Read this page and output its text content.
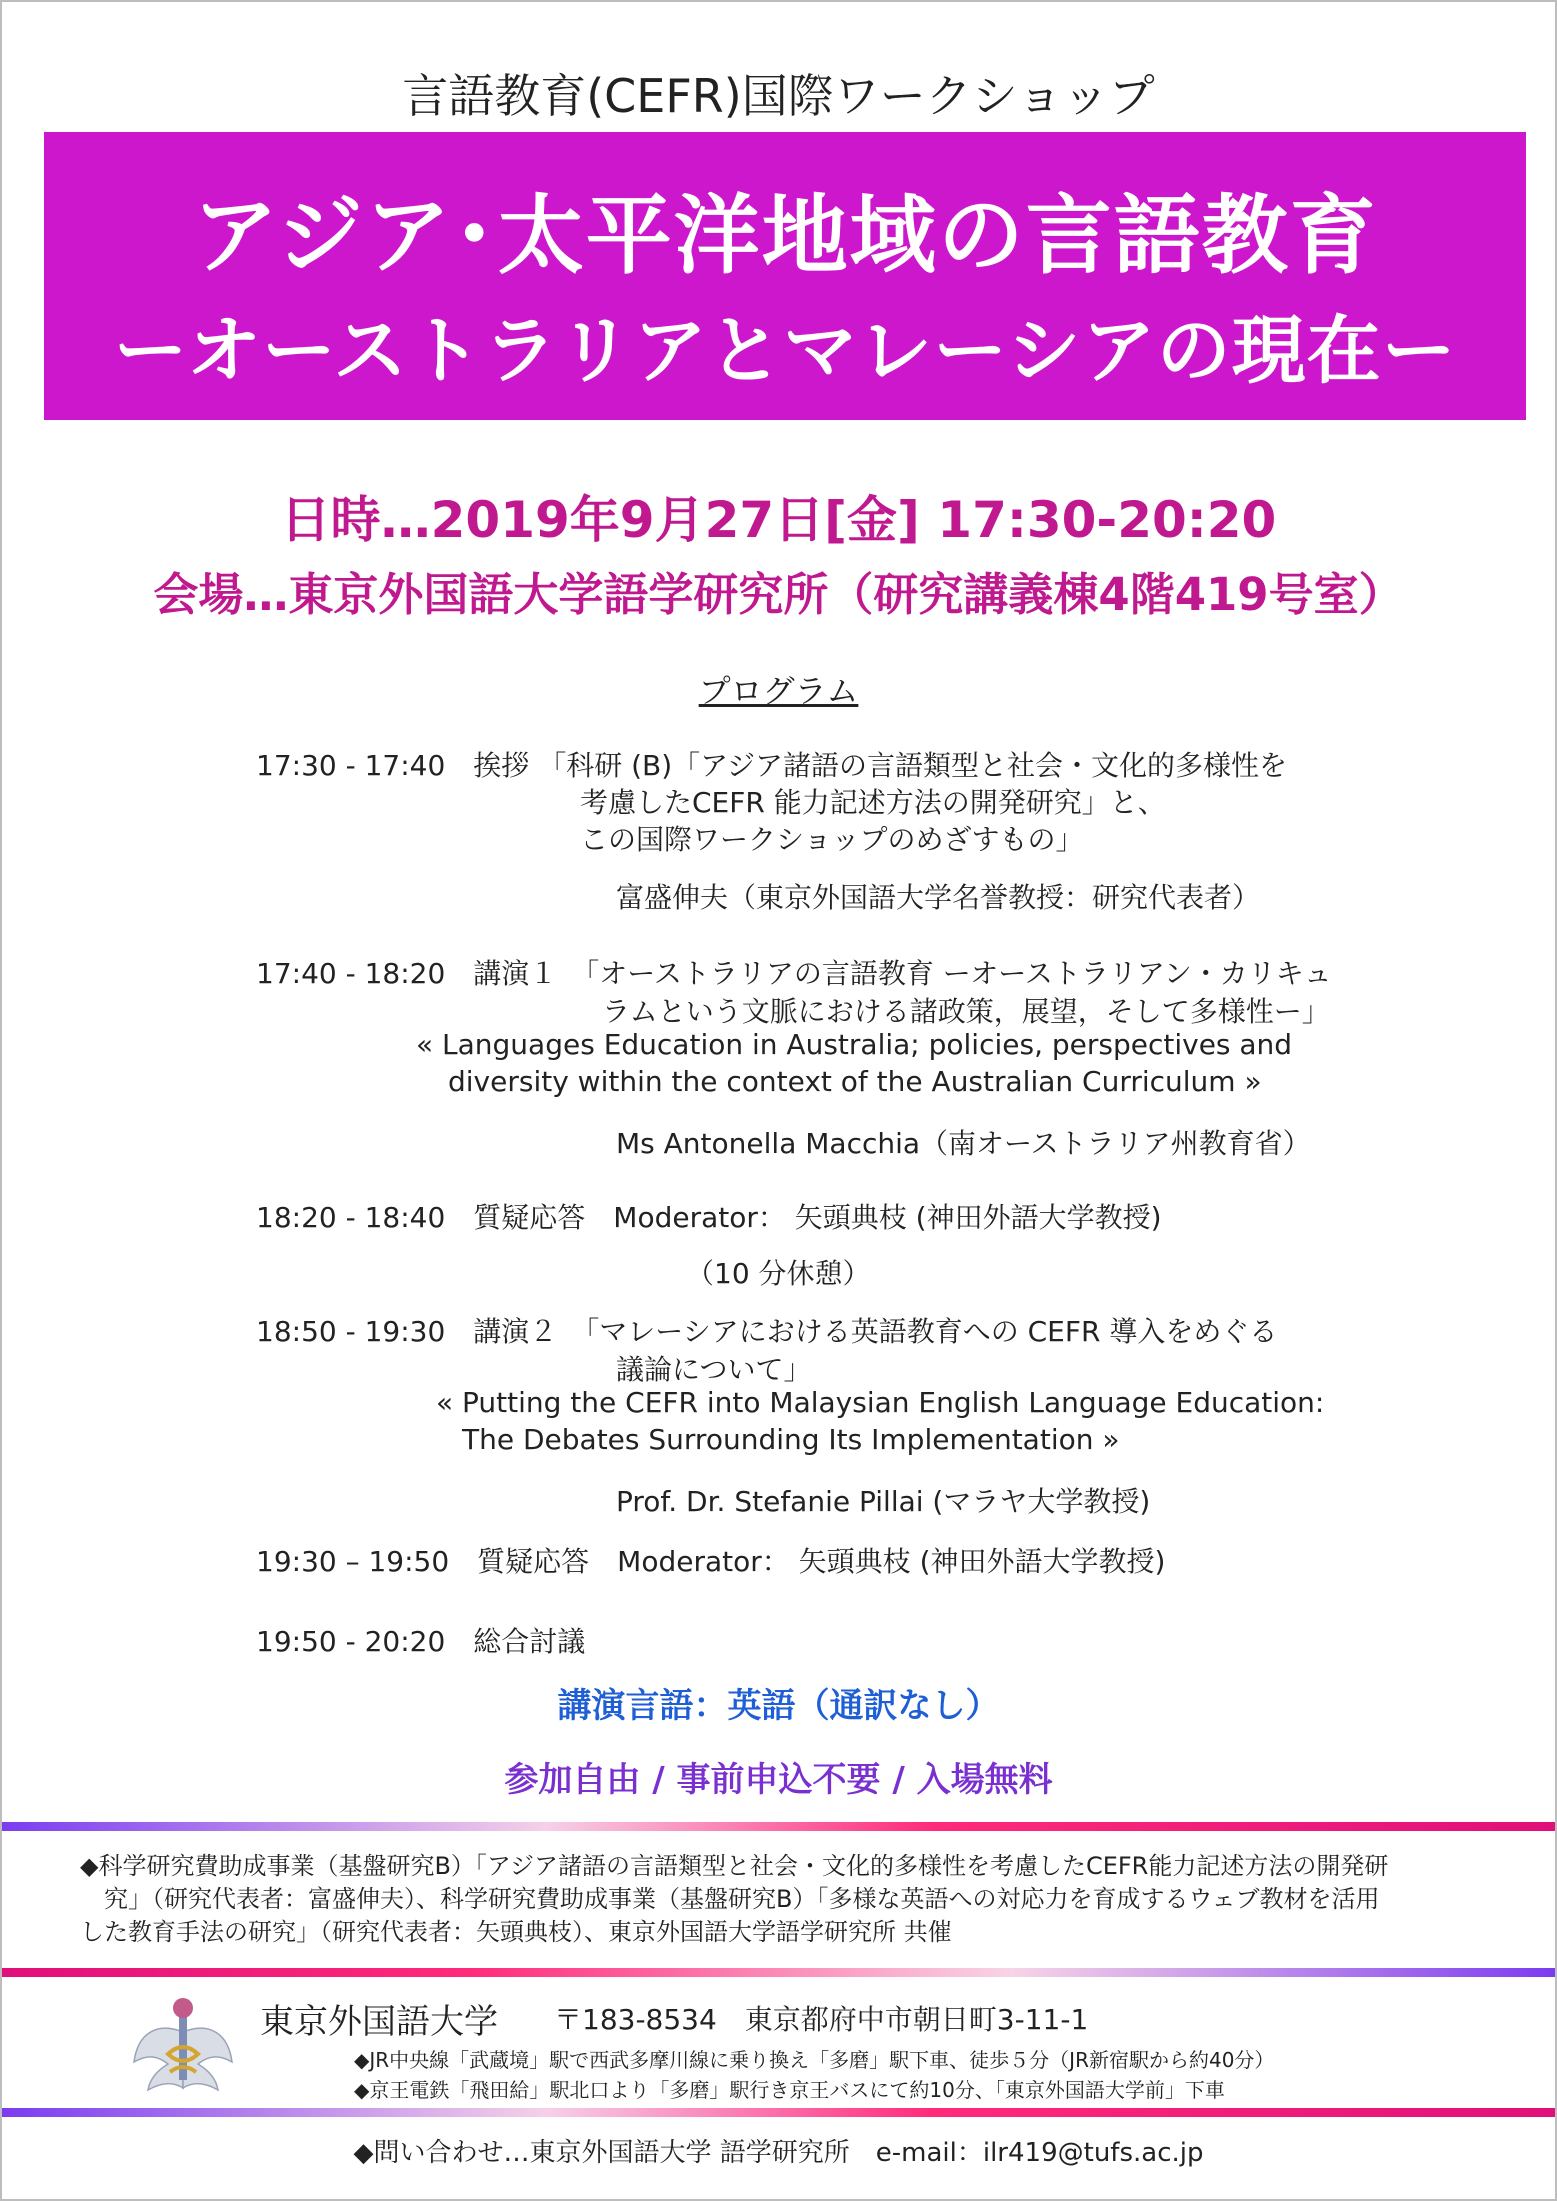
言語教育(CEFR)国際ワークショップ
アジア･太平洋地域の言語教育
ーオーストラリアとマレーシアの現在ー
日時…2019年9月27日[金] 17:30-20:20
会場…東京外国語大学語学研究所（研究講義棟4階419号室）
プログラム
17:30 - 17:40　挨拶 「科研 (B)「アジア諸語の言語類型と社会・文化的多様性を
考慮したCEFR 能力記述方法の開発研究」と、
この国際ワークショップのめざすもの」
富盛伸夫（東京外国語大学名誉教授：研究代表者）
17:40 - 18:20　講演１　「オーストラリアの言語教育 ーオーストラリアン・カリキュ
ラムという文脈における諸政策，展望，そして多様性ー」
« Languages Education in Australia; policies, perspectives and
diversity within the context of the Australian Curriculum »
Ms Antonella Macchia（南オーストラリア州教育省）
18:20 - 18:40　質疑応答　Moderator： 矢頭典枝 (神田外語大学教授)
（10 分休憩）
18:50 - 19:30　講演２　「マレーシアにおける英語教育への CEFR 導入をめぐる
議論について」
« Putting the CEFR into Malaysian English Language Education:
The Debates Surrounding Its Implementation »
Prof. Dr. Stefanie Pillai (マラヤ大学教授)
19:30 – 19:50　質疑応答　Moderator： 矢頭典枝 (神田外語大学教授)
19:50 - 20:20　総合討議
講演言語：英語（通訳なし）
参加自由 / 事前申込不要 / 入場無料
◆科学研究費助成事業（基盤研究B）「アジア諸語の言語類型と社会・文化的多様性を考慮したCEFR能力記述方法の開発研
究」（研究代表者：富盛伸夫）、科学研究費助成事業（基盤研究B）「多様な英語への対応力を育成するウェブ教材を活用
した教育手法の研究」（研究代表者：矢頭典枝）、東京外国語大学語学研究所 共催
東京外国語大学 〒183-8534　東京都府中市朝日町3-11-1
◆JR中央線「武蔵境」駅で西武多摩川線に乗り換え「多磨」駅下車、徒歩５分（JR新宿駅から約40分）
◆京王電鉄「飛田給」駅北口より「多磨」駅行き京王バスにて約10分、「東京外国語大学前」下車
◆問い合わせ…東京外国語大学 語学研究所　e-mail：ilr419@tufs.ac.jp
